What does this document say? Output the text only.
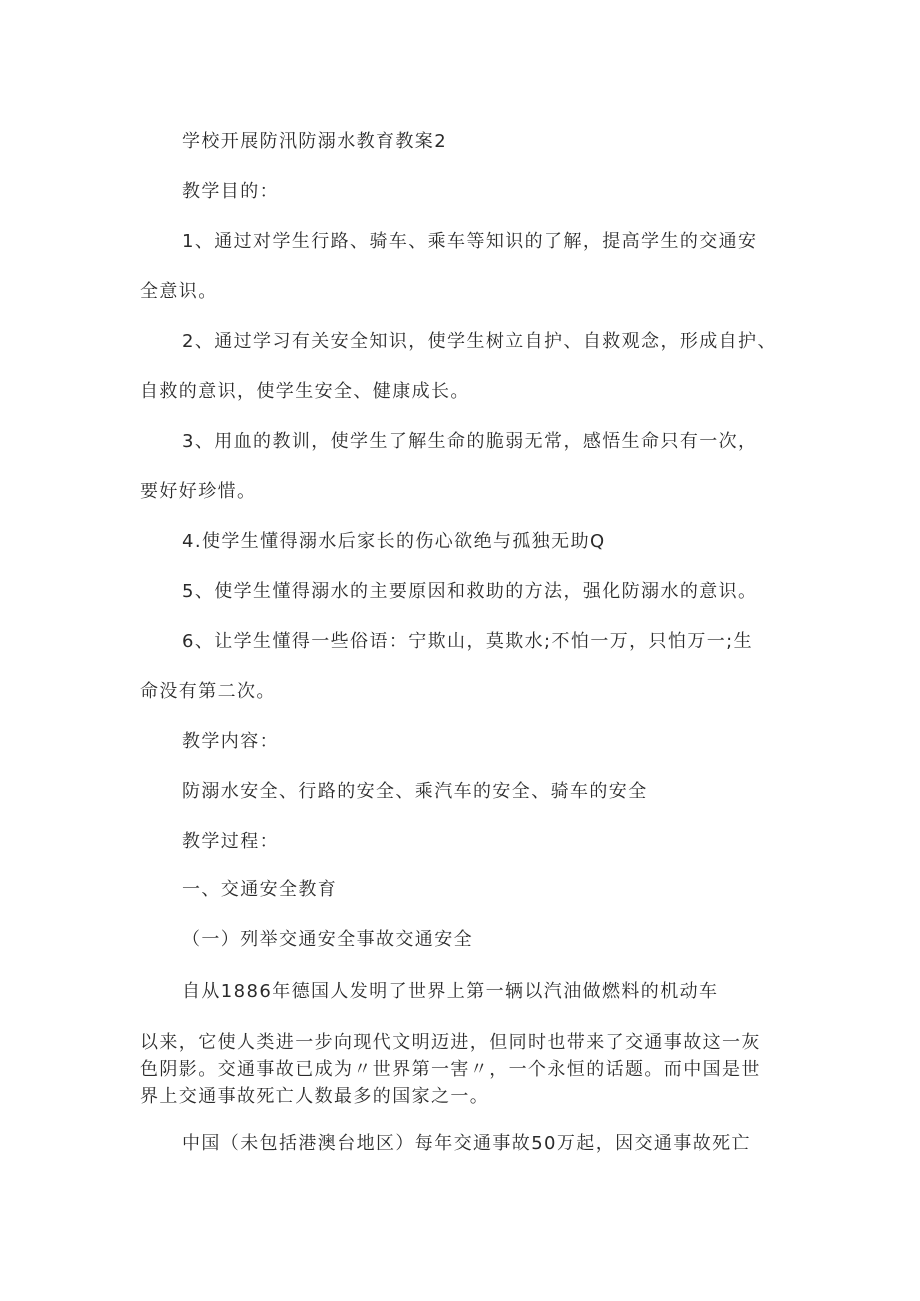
学校开展防汛防溺水教育教案2
教学目的：
1、通过对学生行路、骑车、乘车等知识的了解，提高学生的交通安
全意识。
2、通过学习有关安全知识，使学生树立自护、自救观念，形成自护、
自救的意识，使学生安全、健康成长。
3、用血的教训，使学生了解生命的脆弱无常，感悟生命只有一次，
要好好珍惜。
4.使学生懂得溺水后家长的伤心欲绝与孤独无助Q
5、使学生懂得溺水的主要原因和救助的方法，强化防溺水的意识。
6、让学生懂得一些俗语：宁欺山，莫欺水;不怕一万，只怕万一;生
命没有第二次。
教学内容：
防溺水安全、行路的安全、乘汽车的安全、骑车的安全
教学过程：
一、交通安全教育
（一）列举交通安全事故交通安全
自从1886年德国人发明了世界上第一辆以汽油做燃料的机动车
以来，它使人类进一步向现代文明迈进，但同时也带来了交通事故这一灰
色阴影。交通事故已成为〃世界第一害〃，一个永恒的话题。而中国是世
界上交通事故死亡人数最多的国家之一。
中国（未包括港澳台地区）每年交通事故50万起，因交通事故死亡
